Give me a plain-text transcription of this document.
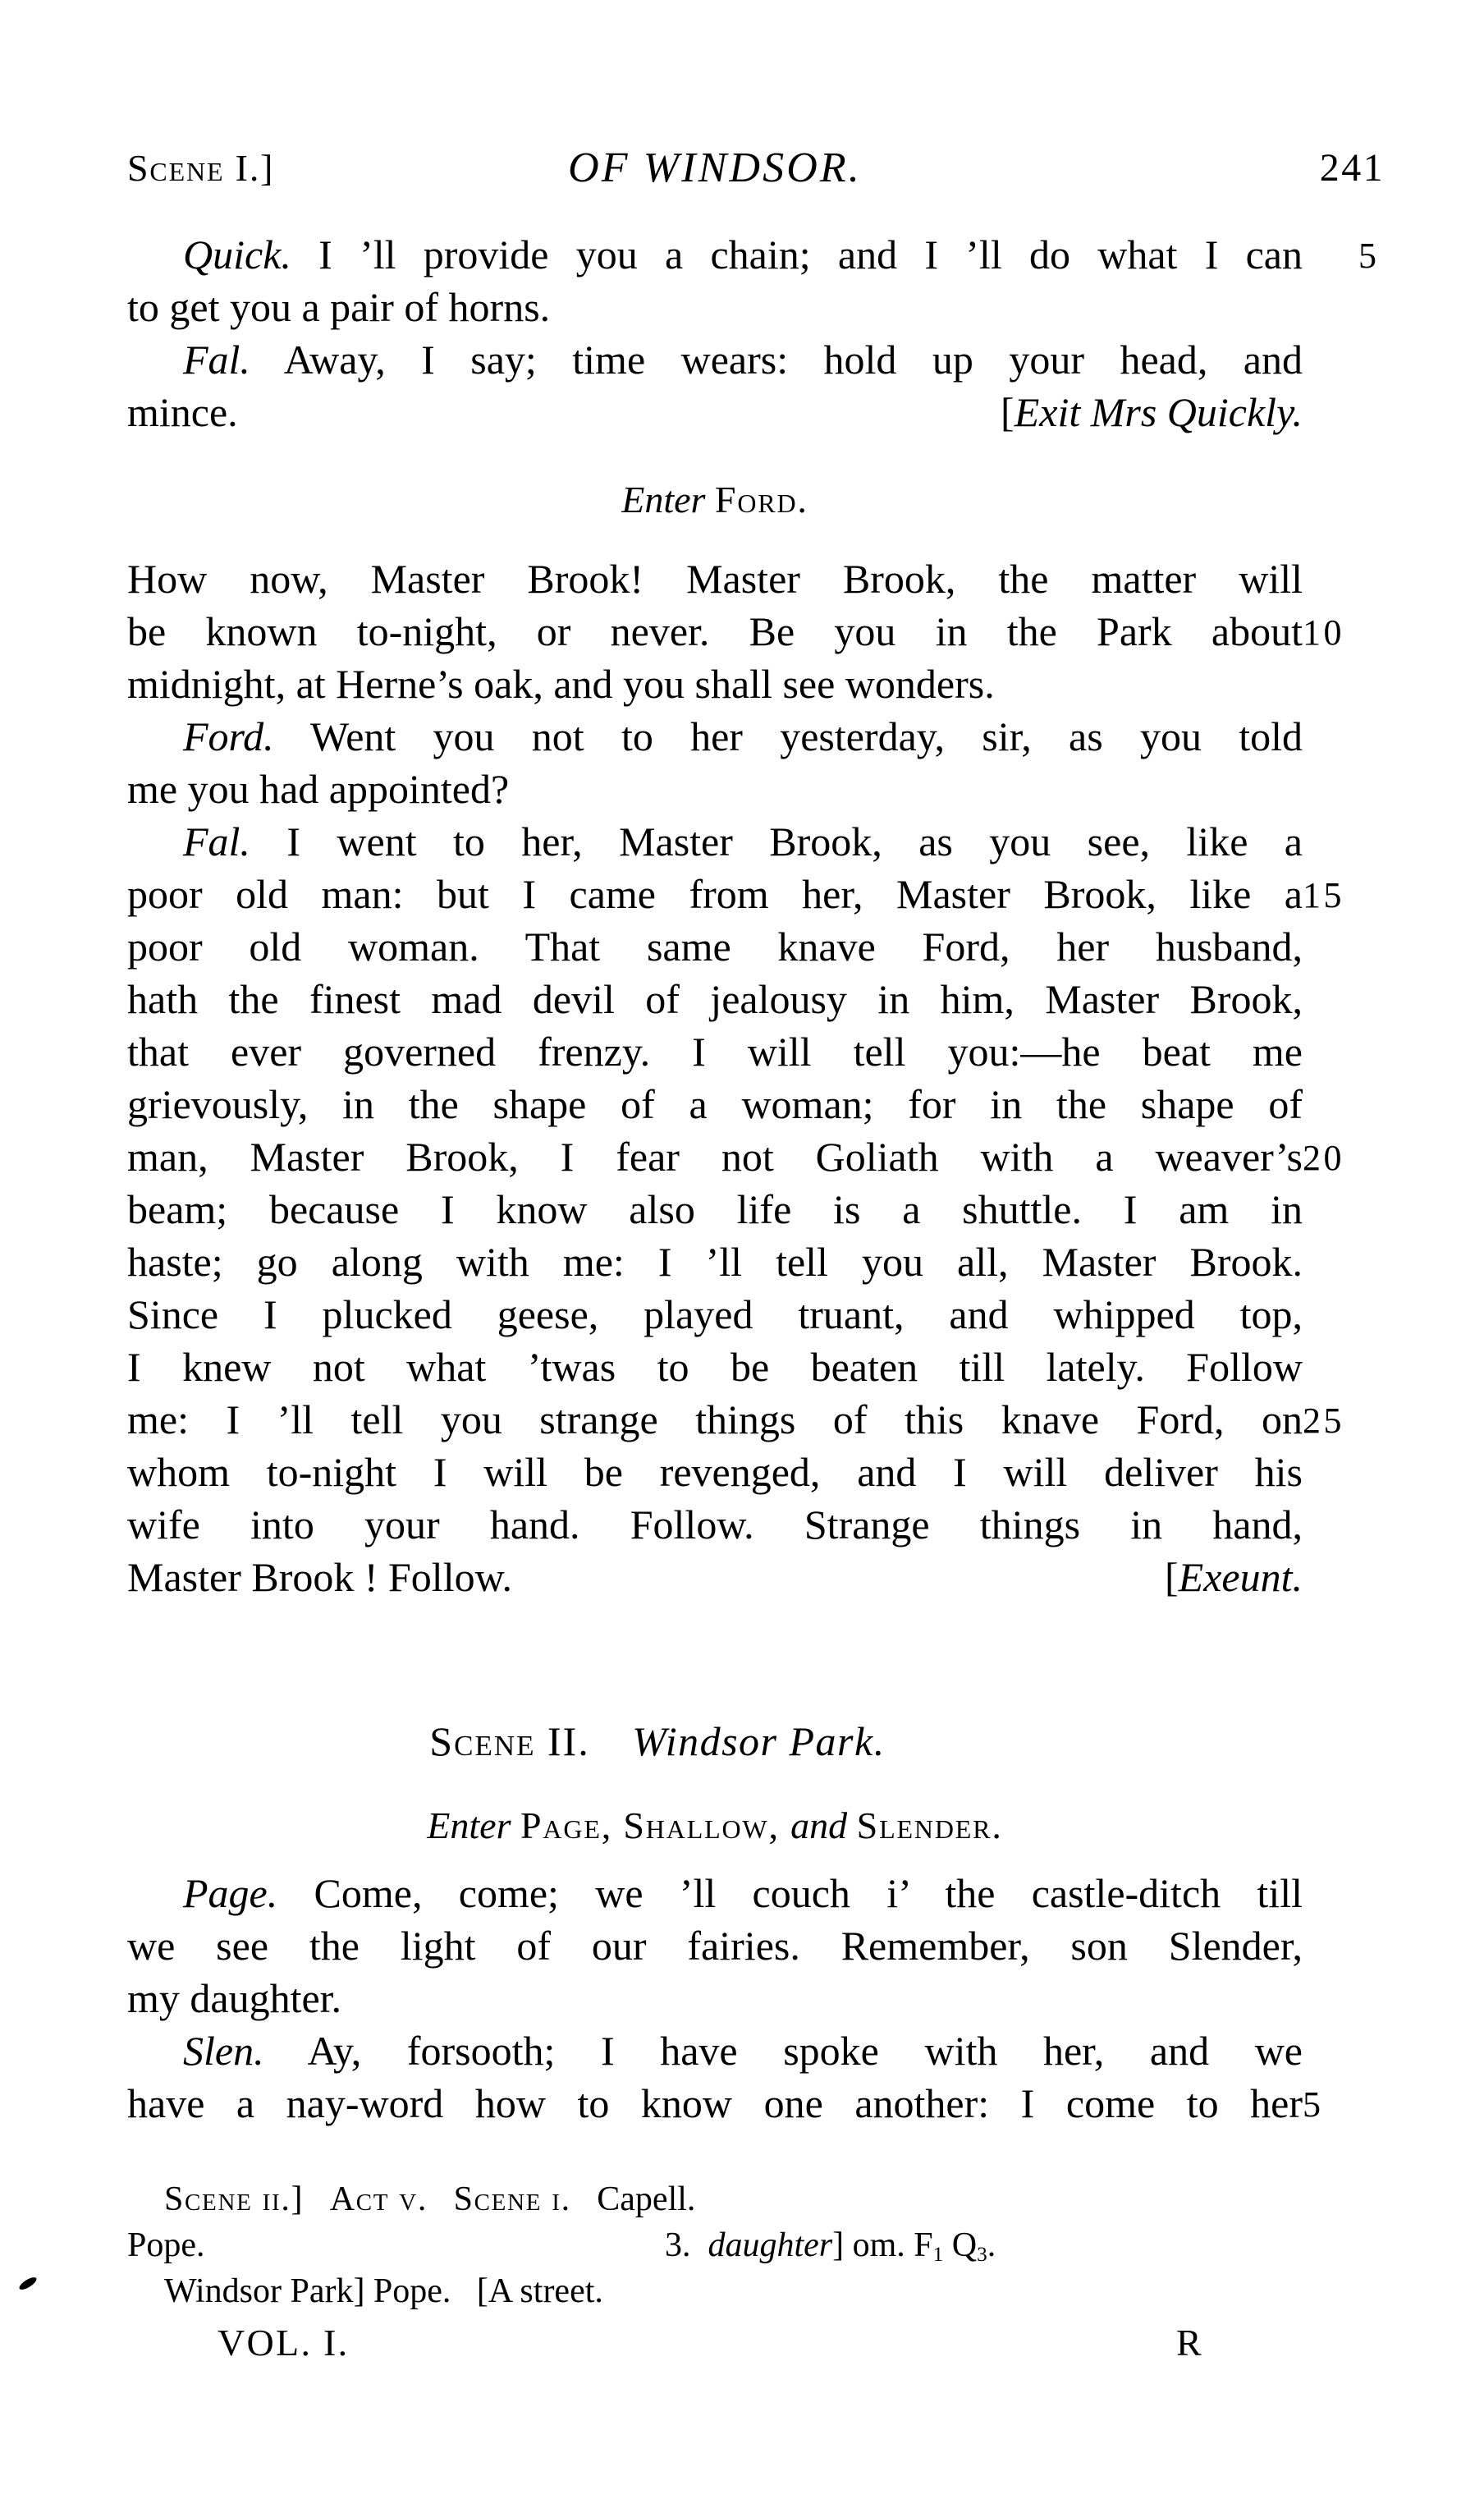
Scene I.]	OF WINDSOR.	241
Quick. I ’ll provide you a chain; and I ’ll do what I can	5
to get you a pair of horns.
Fal. Away, I say; time wears: hold up your head, and
mince.	[Exit Mrs Quickly.
Enter Ford.
How now, Master Brook! Master Brook, the matter will
be known to-night, or never. Be you in the Park about 10
midnight, at Herne’s oak, and you shall see wonders.
Ford. Went you not to her yesterday, sir, as you told
me you had appointed?
Fal. I went to her, Master Brook, as you see, like a
poor old man: but I came from her, Master Brook, like a 15
poor old woman. That same knave Ford, her husband,
hath the finest mad devil of jealousy in him, Master Brook,
that ever governed frenzy. I will tell you:—he beat me
grievously, in the shape of a woman; for in the shape of
man, Master Brook, I fear not Goliath with a weaver’s 20
beam; because I know also life is a shuttle. I am in
haste; go along with me: I ’ll tell you all, Master Brook.
Since I plucked geese, played truant, and whipped top,
I knew not what ’twas to be beaten till lately. Follow
me: I ’ll tell you strange things of this knave Ford, on 25
whom to-night I will be revenged, and I will deliver his
wife into your hand. Follow. Strange things in hand,
Master Brook ! Follow.	[Exeunt.
Scene II.  Windsor Park.
Enter Page, Shallow, and Slender.
Page. Come, come; we ’ll couch i’ the castle-ditch till
we see the light of our fairies. Remember, son Slender,
my daughter.
Slen. Ay, forsooth; I have spoke with her, and we
have a nay-word how to know one another: I come to her 5
Scene ii.] Act v. Scene i.   Capell.
Pope.	3.  daughter] om. F1 Q3.
Windsor Park] Pope.   [A street.
VOL. I.	R
